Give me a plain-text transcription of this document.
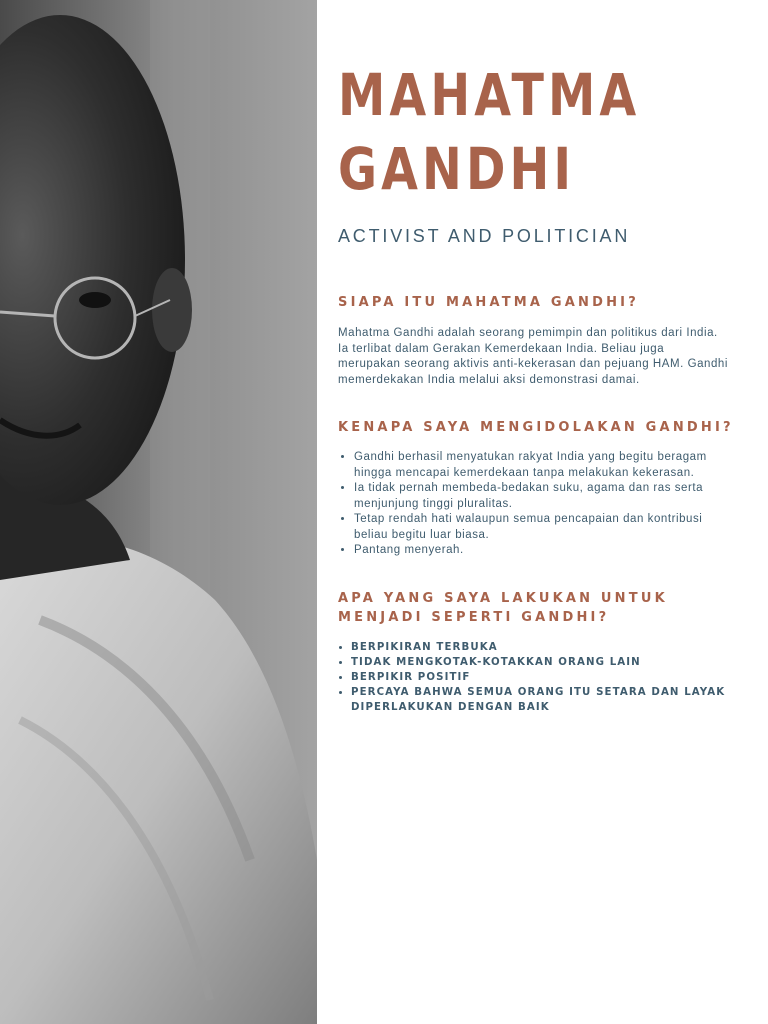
MAHATMA
GANDHI
ACTIVIST AND POLITICIAN
SIAPA ITU MAHATMA GANDHI?

Mahatma Gandhi adalah seorang pemimpin dan politikus dari India. Ia terlibat dalam Gerakan Kemerdekaan India. Beliau juga merupakan seorang aktivis anti-kekerasan dan pejuang HAM. Gandhi memerdekakan India melalui aksi demonstrasi damai.

KENAPA SAYA MENGIDOLAKAN GANDHI?
• Gandhi berhasil menyatukan rakyat India yang begitu beragam hingga mencapai kemerdekaan tanpa melakukan kekerasan.
• Ia tidak pernah membeda-bedakan suku, agama dan ras serta menjunjung tinggi pluralitas.
• Tetap rendah hati walaupun semua pencapaian dan kontribusi beliau begitu luar biasa.
• Pantang menyerah.
APA YANG SAYA LAKUKAN UNTUK MENJADI SEPERTI GANDHI?
• BERPIKIRAN TERBUKA
• TIDAK MENGKOTAK-KOTAKKAN ORANG LAIN
• BERPIKIR POSITIF
• PERCAYA BAHWA SEMUA ORANG ITU SETARA DAN LAYAK DIPERLAKUKAN DENGAN BAIK
